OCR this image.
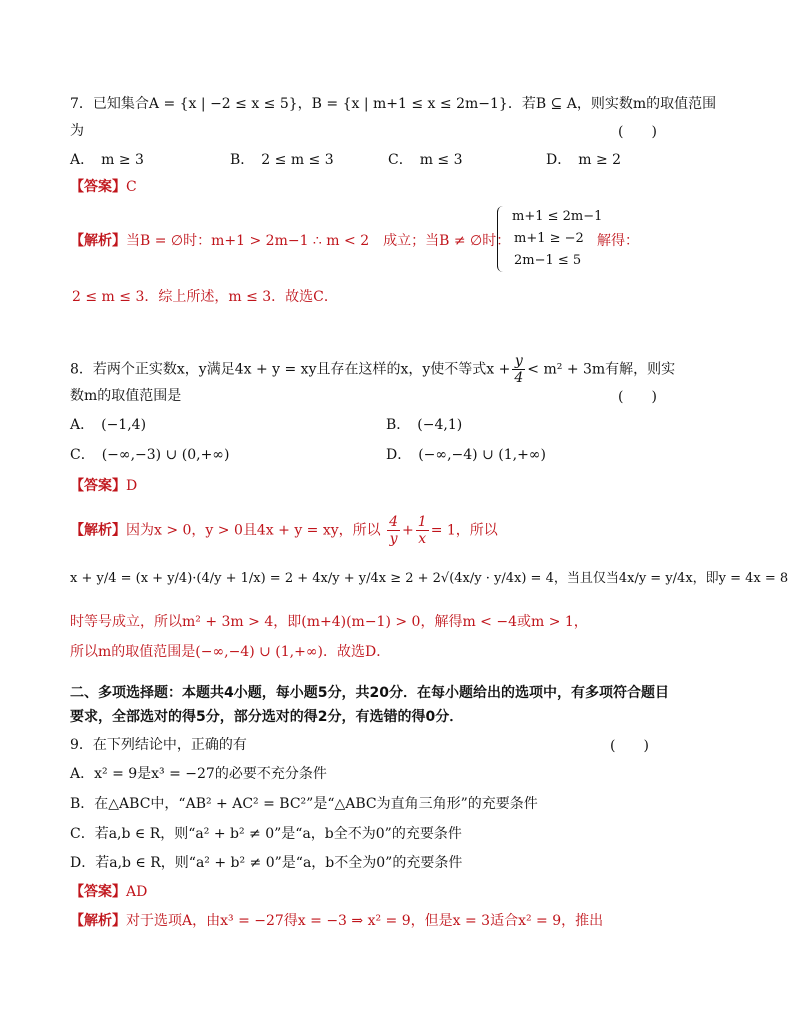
7．已知集合A = {x | −2 ≤ x ≤ 5}，B = {x | m+1 ≤ x ≤ 2m−1}．若B ⊆ A，则实数m的取值范围
为	(　　)
A．　m ≥ 3	B．　2 ≤ m ≤ 3	C．　m ≤ 3	D．　m ≥ 2
【答案】C
【解析】当B = ∅时：m+1 > 2m−1 ∴ m < 2　成立；当B ≠ ∅时：
m+1 ≤ 2m−1
m+1 ≥ −2
2m−1 ≤ 5
解得：
2 ≤ m ≤ 3．综上所述，m ≤ 3．故选C．
8．若两个正实数x，y满足4x + y = xy且存在这样的x，y使不等式$x + \frac{y}{4} < m^2 + 3m$有解，则实
数m的取值范围是	(　　)
A．　(−1,4)	B．　(−4,1)
C．　(−∞,−3) ∪ (0,+∞)	D．　(−∞,−4) ∪ (1,+∞)
【答案】D
【解析】因为x > 0，y > 0且4x + y = xy，所以 $\frac{4}{y} + \frac{1}{x} = 1$，所以
x + y/4 = (x + y/4)·(4/y + 1/x) = 2 + 4x/y + y/4x ≥ 2 + 2√(4x/y · y/4x) = 4，当且仅当4x/y = y/4x，即y = 4x = 8
时等号成立，所以m² + 3m > 4，即(m+4)(m−1) > 0，解得m < −4或m > 1，
所以m的取值范围是(−∞,−4) ∪ (1,+∞)．故选D．
二、多项选择题：本题共4小题，每小题5分，共20分．在每小题给出的选项中，有多项符合题目
要求，全部选对的得5分，部分选对的得2分，有选错的得0分．
9．在下列结论中，正确的有	(　　)
A．x² = 9是x³ = −27的必要不充分条件
B．在△ABC中，“AB² + AC² = BC²”是“△ABC为直角三角形”的充要条件
C．若a,b ∈ R，则“a² + b² ≠ 0”是“a，b全不为0”的充要条件
D．若a,b ∈ R，则“a² + b² ≠ 0”是“a，b不全为0”的充要条件
【答案】AD
【解析】对于选项A，由x³ = −27得x = −3 ⇒ x² = 9，但是x = 3适合x² = 9，推出
